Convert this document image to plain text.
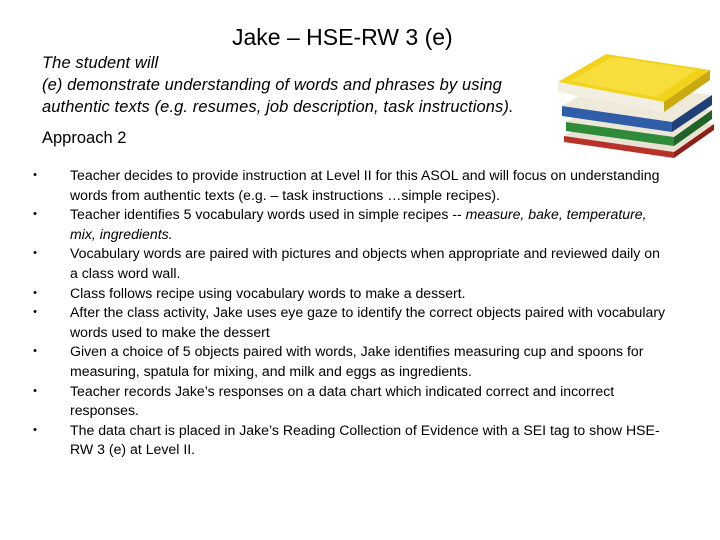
Jake – HSE-RW 3 (e)
The student will
(e) demonstrate understanding of words and phrases by using
authentic texts (e.g. resumes, job description, task instructions).
Approach 2
• Teacher decides to provide instruction at Level II for this ASOL and will focus on understanding words from authentic texts (e.g. – task instructions …simple recipes).
• Teacher identifies 5 vocabulary words used in simple recipes -- measure, bake, temperature, mix, ingredients.
• Vocabulary words are paired with pictures and objects when appropriate and reviewed daily on a class word wall.
• Class follows recipe using vocabulary words to make a dessert.
• After the class activity, Jake uses eye gaze to identify the correct objects paired with vocabulary words used to make the dessert
• Given a choice of 5 objects paired with words, Jake identifies measuring cup and spoons for measuring, spatula for mixing, and milk and eggs as ingredients.
• Teacher records Jake’s responses on a data chart which indicated correct and incorrect responses.
• The data chart is placed in Jake’s Reading Collection of Evidence with a SEI tag to show HSE-RW 3 (e) at Level II.
